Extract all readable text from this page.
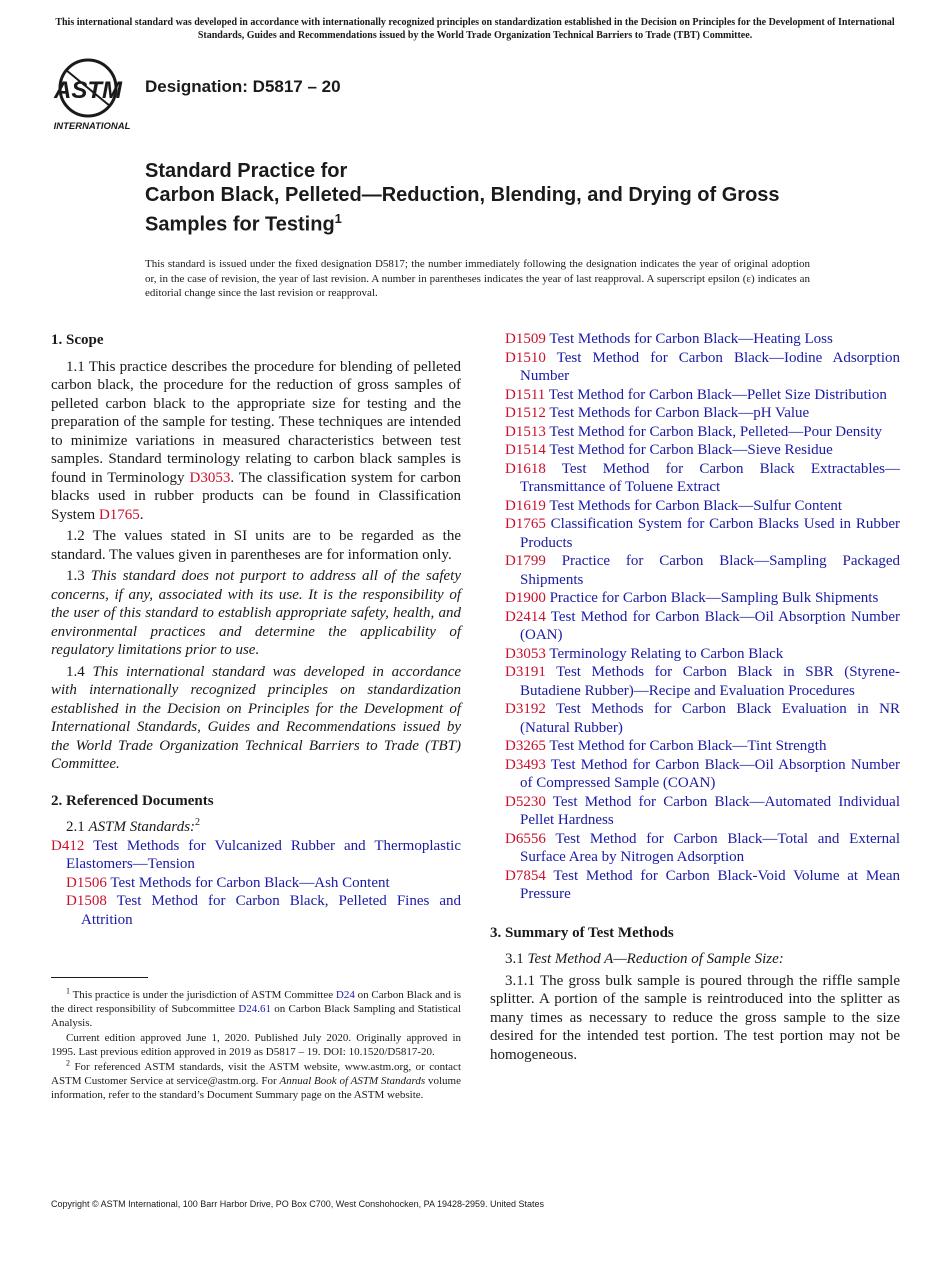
This international standard was developed in accordance with internationally recognized principles on standardization established in the Decision on Principles for the Development of International Standards, Guides and Recommendations issued by the World Trade Organization Technical Barriers to Trade (TBT) Committee.
ASTM
INTERNATIONAL
Designation: D5817 – 20
Standard Practice for
Carbon Black, Pelleted—Reduction, Blending, and Drying of Gross Samples for Testing$^1$
This standard is issued under the fixed designation D5817; the number immediately following the designation indicates the year of original adoption or, in the case of revision, the year of last revision. A number in parentheses indicates the year of last reapproval. A superscript epsilon (ε) indicates an editorial change since the last revision or reapproval.
1. Scope

1.1 This practice describes the procedure for blending of pelleted carbon black, the procedure for the reduction of gross samples of pelleted carbon black to the appropriate size for testing and the preparation of the sample for testing. These techniques are intended to minimize variations in measured characteristics between test samples. Standard terminology relating to carbon black samples is found in Terminology D3053. The classification system for carbon blacks used in rubber products can be found in Classification System D1765.

1.2 The values stated in SI units are to be regarded as the standard. The values given in parentheses are for information only.

1.3 This standard does not purport to address all of the safety concerns, if any, associated with its use. It is the responsibility of the user of this standard to establish appropriate safety, health, and environmental practices and determine the applicability of regulatory limitations prior to use.

1.4 This international standard was developed in accordance with internationally recognized principles on standardization established in the Decision on Principles for the Development of International Standards, Guides and Recommendations issued by the World Trade Organization Technical Barriers to Trade (TBT) Committee.

2. Referenced Documents

2.1 ASTM Standards:$^2$

D412 Test Methods for Vulcanized Rubber and Thermoplastic Elastomers—Tension

D1506 Test Methods for Carbon Black—Ash Content

D1508 Test Method for Carbon Black, Pelleted Fines and Attrition

$^1$ This practice is under the jurisdiction of ASTM Committee D24 on Carbon Black and is the direct responsibility of Subcommittee D24.61 on Carbon Black Sampling and Statistical Analysis.

Current edition approved June 1, 2020. Published July 2020. Originally approved in 1995. Last previous edition approved in 2019 as D5817 – 19. DOI: 10.1520/D5817-20.

$^2$ For referenced ASTM standards, visit the ASTM website, www.astm.org, or contact ASTM Customer Service at service@astm.org. For Annual Book of ASTM Standards volume information, refer to the standard’s Document Summary page on the ASTM website.

D1509 Test Methods for Carbon Black—Heating Loss

D1510 Test Method for Carbon Black—Iodine Adsorption Number

D1511 Test Method for Carbon Black—Pellet Size Distribution

D1512 Test Methods for Carbon Black—pH Value

D1513 Test Method for Carbon Black, Pelleted—Pour Density

D1514 Test Method for Carbon Black—Sieve Residue

D1618 Test Method for Carbon Black Extractables—Transmittance of Toluene Extract

D1619 Test Methods for Carbon Black—Sulfur Content

D1765 Classification System for Carbon Blacks Used in Rubber Products

D1799 Practice for Carbon Black—Sampling Packaged Shipments

D1900 Practice for Carbon Black—Sampling Bulk Shipments

D2414 Test Method for Carbon Black—Oil Absorption Number (OAN)

D3053 Terminology Relating to Carbon Black

D3191 Test Methods for Carbon Black in SBR (Styrene-Butadiene Rubber)—Recipe and Evaluation Procedures

D3192 Test Methods for Carbon Black Evaluation in NR (Natural Rubber)

D3265 Test Method for Carbon Black—Tint Strength

D3493 Test Method for Carbon Black—Oil Absorption Number of Compressed Sample (COAN)

D5230 Test Method for Carbon Black—Automated Individual Pellet Hardness

D6556 Test Method for Carbon Black—Total and External Surface Area by Nitrogen Adsorption

D7854 Test Method for Carbon Black-Void Volume at Mean Pressure

3. Summary of Test Methods

3.1 Test Method A—Reduction of Sample Size:

3.1.1 The gross bulk sample is poured through the riffle sample splitter. A portion of the sample is reintroduced into the splitter as many times as necessary to reduce the gross sample to the size desired for the intended test portion. The test portion may not be homogeneous.

Copyright © ASTM International, 100 Barr Harbor Drive, PO Box C700, West Conshohocken, PA 19428-2959. United States
